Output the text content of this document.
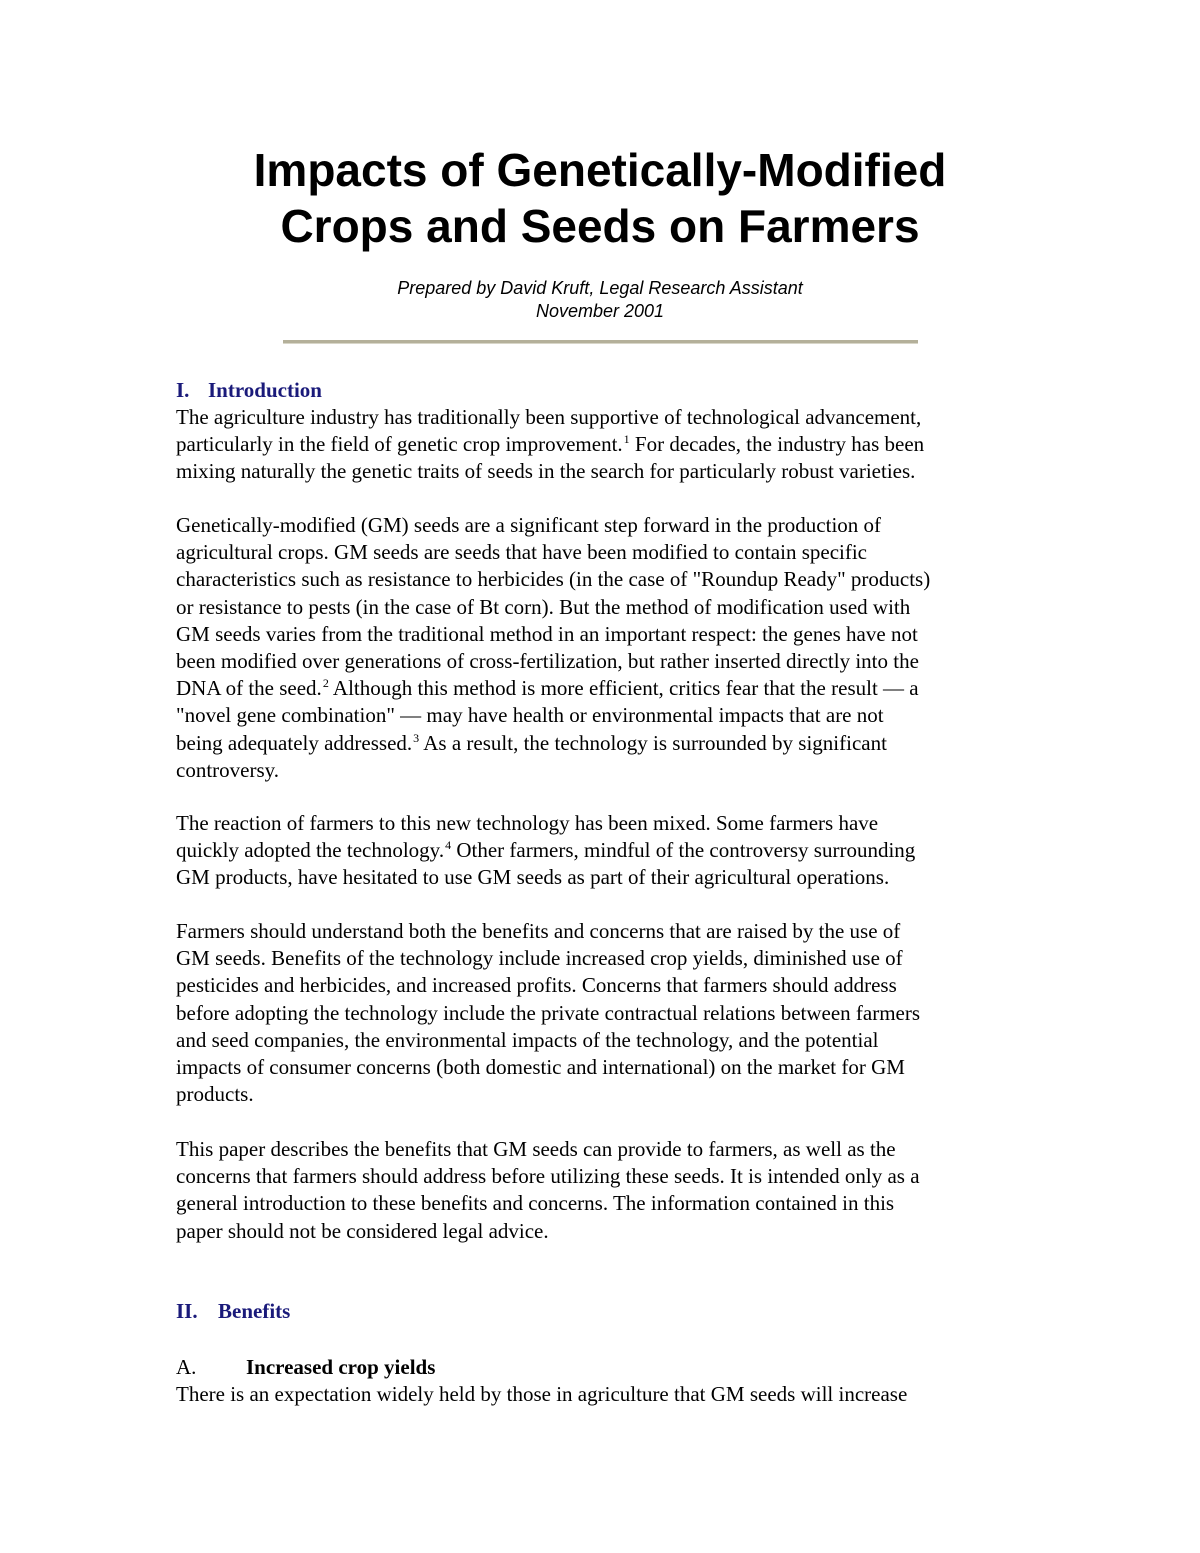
Impacts of Genetically-Modified
Crops and Seeds on Farmers
Prepared by David Kruft, Legal Research Assistant
November 2001
I. Introduction

The agriculture industry has traditionally been supportive of technological advancement,
particularly in the field of genetic crop improvement.$^1$ For decades, the industry has been
mixing naturally the genetic traits of seeds in the search for particularly robust varieties.

Genetically-modified (GM) seeds are a significant step forward in the production of
agricultural crops. GM seeds are seeds that have been modified to contain specific
characteristics such as resistance to herbicides (in the case of "Roundup Ready" products)
or resistance to pests (in the case of Bt corn). But the method of modification used with
GM seeds varies from the traditional method in an important respect: the genes have not
been modified over generations of cross-fertilization, but rather inserted directly into the
DNA of the seed.$^2$ Although this method is more efficient, critics fear that the result — a
"novel gene combination" — may have health or environmental impacts that are not
being adequately addressed.$^3$ As a result, the technology is surrounded by significant
controversy.

The reaction of farmers to this new technology has been mixed. Some farmers have
quickly adopted the technology.$^4$ Other farmers, mindful of the controversy surrounding
GM products, have hesitated to use GM seeds as part of their agricultural operations.

Farmers should understand both the benefits and concerns that are raised by the use of
GM seeds. Benefits of the technology include increased crop yields, diminished use of
pesticides and herbicides, and increased profits. Concerns that farmers should address
before adopting the technology include the private contractual relations between farmers
and seed companies, the environmental impacts of the technology, and the potential
impacts of consumer concerns (both domestic and international) on the market for GM
products.

This paper describes the benefits that GM seeds can provide to farmers, as well as the
concerns that farmers should address before utilizing these seeds. It is intended only as a
general introduction to these benefits and concerns. The information contained in this
paper should not be considered legal advice.

II. Benefits
A. Increased crop yields

There is an expectation widely held by those in agriculture that GM seeds will increase
